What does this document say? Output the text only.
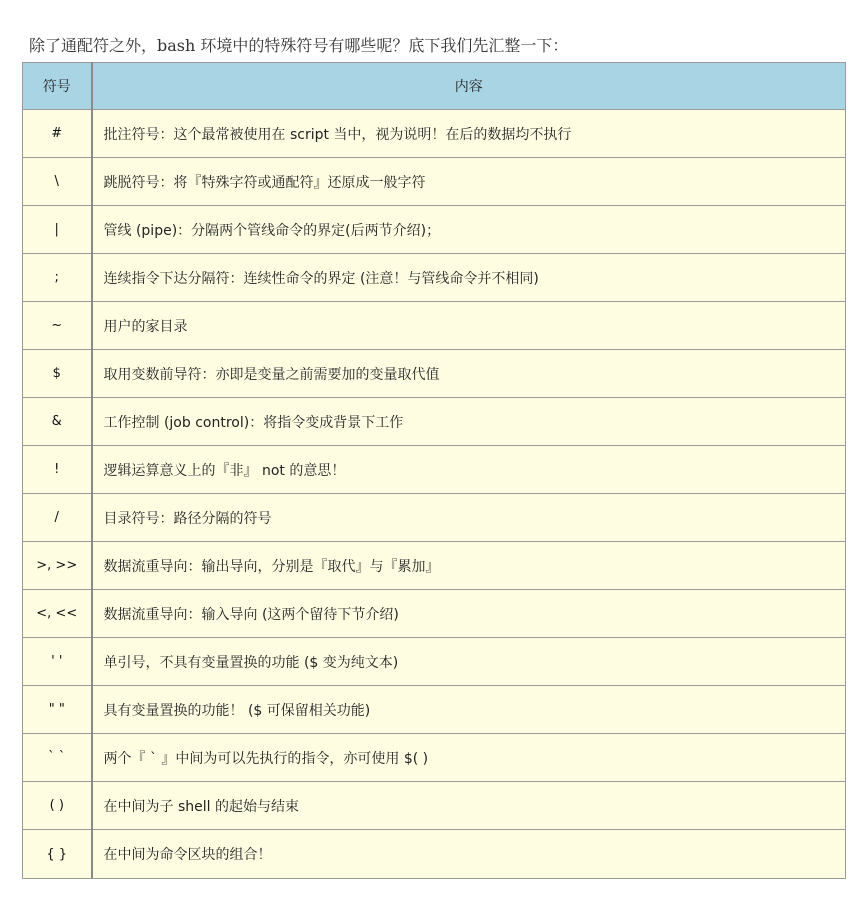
除了通配符之外，bash 环境中的特殊符号有哪些呢？底下我们先汇整一下：

符号	内容
#	批注符号：这个最常被使用在 script 当中，视为说明！在后的数据均不执行
\	跳脱符号：将『特殊字符或通配符』还原成一般字符
|	管线 (pipe)：分隔两个管线命令的界定(后两节介绍)；
;	连续指令下达分隔符：连续性命令的界定 (注意！与管线命令并不相同)
~	用户的家目录
$	取用变数前导符：亦即是变量之前需要加的变量取代值
&	工作控制 (job control)：将指令变成背景下工作
!	逻辑运算意义上的『非』 not 的意思！
/	目录符号：路径分隔的符号
>, >>	数据流重导向：输出导向，分别是『取代』与『累加』
<, <<	数据流重导向：输入导向 (这两个留待下节介绍)
' '	单引号，不具有变量置换的功能 ($ 变为纯文本)
" "	具有变量置换的功能！ ($ 可保留相关功能)
` `	两个『 ` 』中间为可以先执行的指令，亦可使用 $( )
( )	在中间为子 shell 的起始与结束
{ }	在中间为命令区块的组合！
